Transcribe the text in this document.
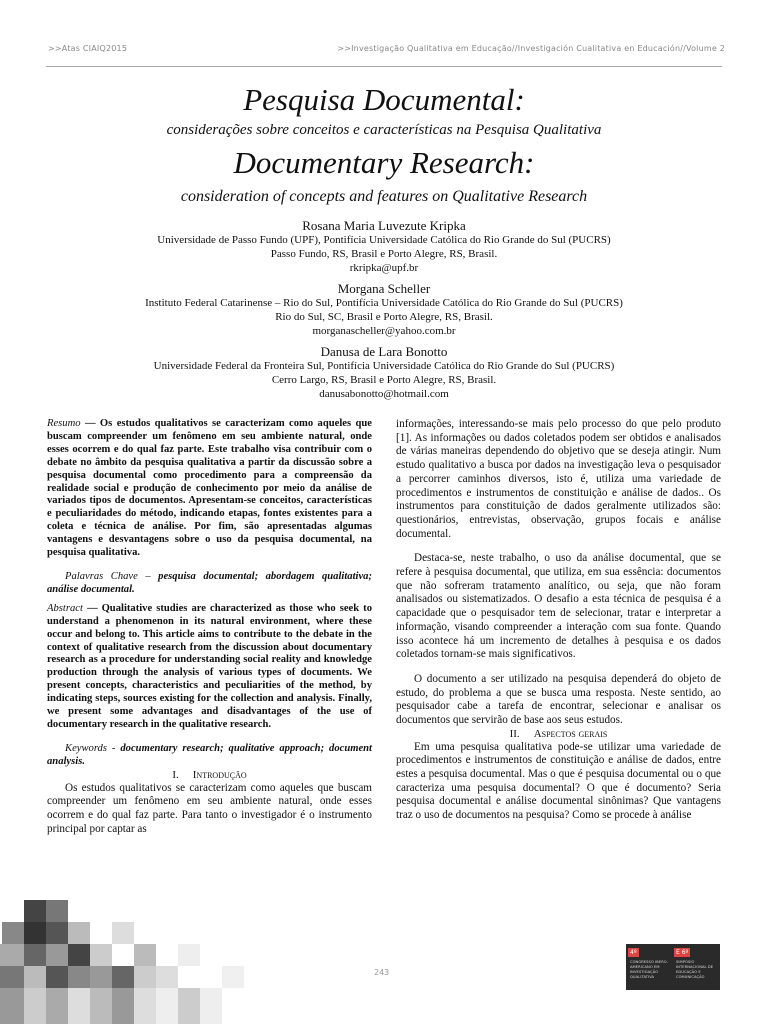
>>Atas CIAIQ2015	>>Investigação Qualitativa em Educação//Investigación Cualitativa en Educación//Volume 2

Pesquisa Documental:

considerações sobre conceitos e características na Pesquisa Qualitativa

Documentary Research:

consideration of concepts and features on Qualitative Research

Rosana Maria Luvezute Kripka

Universidade de Passo Fundo (UPF), Pontifícia Universidade Católica do Rio Grande do Sul (PUCRS)

Passo Fundo, RS, Brasil e Porto Alegre, RS, Brasil.

rkripka@upf.br

Morgana Scheller

Instituto Federal Catarinense – Rio do Sul, Pontifícia Universidade Católica do Rio Grande do Sul (PUCRS)

Rio do Sul, SC, Brasil e Porto Alegre, RS, Brasil.

morganascheller@yahoo.com.br

Danusa de Lara Bonotto

Universidade Federal da Fronteira Sul, Pontifícia Universidade Católica do Rio Grande do Sul (PUCRS)

Cerro Largo, RS, Brasil e Porto Alegre, RS, Brasil.

danusabonotto@hotmail.com

Resumo — Os estudos qualitativos se caracterizam como aqueles que buscam compreender um fenômeno em seu ambiente natural, onde esses ocorrem e do qual faz parte. Este trabalho visa contribuir com o debate no âmbito da pesquisa qualitativa a partir da discussão sobre a pesquisa documental como procedimento para a compreensão da realidade social e produção de conhecimento por meio da análise de variados tipos de documentos. Apresentam-se conceitos, características e peculiaridades do método, indicando etapas, fontes existentes para a coleta e técnica de análise. Por fim, são apresentadas algumas vantagens e desvantagens sobre o uso da pesquisa documental, na pesquisa qualitativa.

Palavras Chave – pesquisa documental; abordagem qualitativa; análise documental.

Abstract — Qualitative studies are characterized as those who seek to understand a phenomenon in its natural environment, where these occur and belong to. This article aims to contribute to the debate in the context of qualitative research from the discussion about documentary research as a procedure for understanding social reality and knowledge production through the analysis of various types of documents. We present concepts, characteristics and peculiarities of the method, by indicating steps, sources existing for the collection and analysis. Finally, we present some advantages and disadvantages of the use of documentary research in the qualitative research.

Keywords - documentary research; qualitative approach; document analysis.

I. Introdução

Os estudos qualitativos se caracterizam como aqueles que buscam compreender um fenômeno em seu ambiente natural, onde esses ocorrem e do qual faz parte. Para tanto o investigador é o instrumento principal por captar as

informações, interessando-se mais pelo processo do que pelo produto [1]. As informações ou dados coletados podem ser obtidos e analisados de várias maneiras dependendo do objetivo que se deseja atingir. Num estudo qualitativo a busca por dados na investigação leva o pesquisador a percorrer caminhos diversos, isto é, utiliza uma variedade de procedimentos e instrumentos de constituição e análise de dados.. Os instrumentos para constituição de dados geralmente utilizados são: questionários, entrevistas, observação, grupos focais e análise documental.

Destaca-se, neste trabalho, o uso da análise documental, que se refere à pesquisa documental, que utiliza, em sua essência: documentos que não sofreram tratamento analítico, ou seja, que não foram analisados ou sistematizados. O desafio a esta técnica de pesquisa é a capacidade que o pesquisador tem de selecionar, tratar e interpretar a informação, visando compreender a interação com sua fonte. Quando isso acontece há um incremento de detalhes à pesquisa e os dados coletados tornam-se mais significativos.

O documento a ser utilizado na pesquisa dependerá do objeto de estudo, do problema a que se busca uma resposta. Neste sentido, ao pesquisador cabe a tarefa de encontrar, selecionar e analisar os documentos que servirão de base aos seus estudos.

II. Aspectos gerais

Em uma pesquisa qualitativa pode-se utilizar uma variedade de procedimentos e instrumentos de constituição e análise de dados, entre estes a pesquisa documental. Mas o que é pesquisa documental ou o que caracteriza uma pesquisa documental? O que é documento? Seria pesquisa documental e análise documental sinônimas? Que vantagens traz o uso de documentos na pesquisa? Como se procede à análise

243
4º
CONGRESSO IBERO-AMERICANO EM INVESTIGAÇÃO QUALITATIVA
E 6º
SIMPÓSIO INTERNACIONAL DE EDUCAÇÃO E COMUNICAÇÃO
